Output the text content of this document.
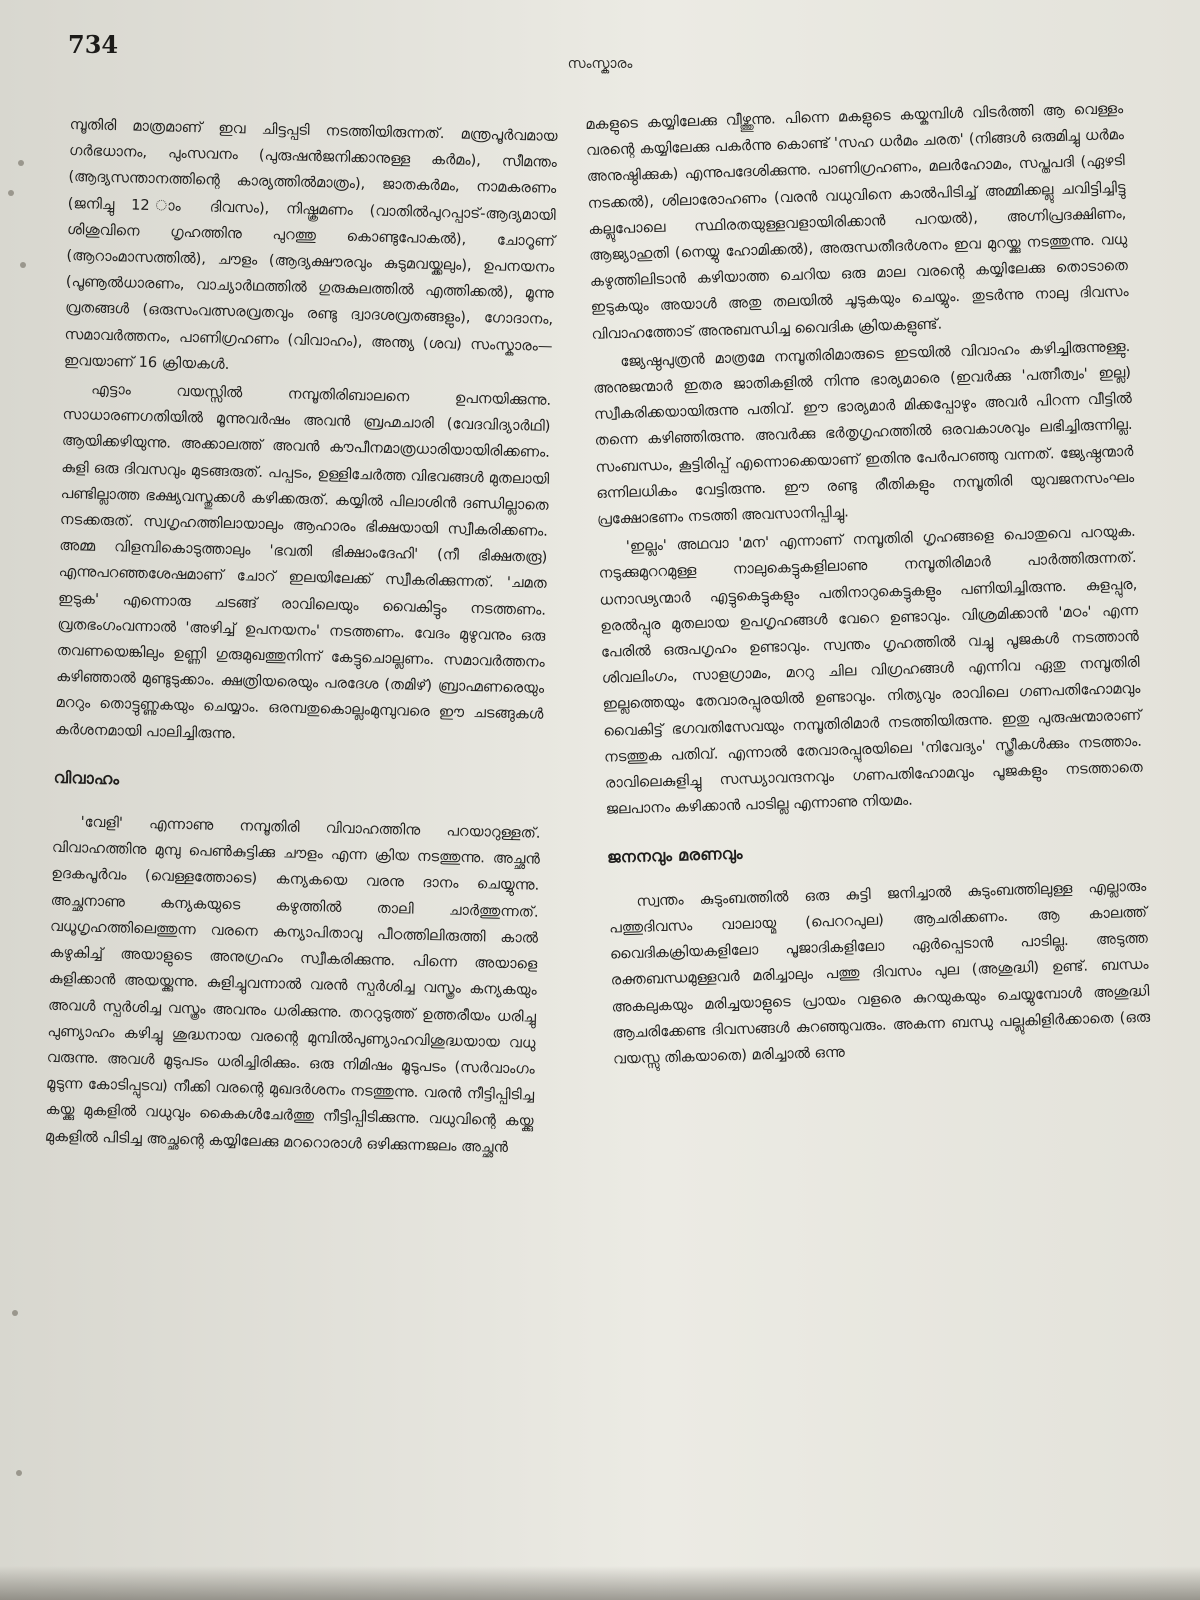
734
സംസ്കാരം

മ്പൂതിരി മാത്രമാണ് ഇവ ചിട്ടപ്പടി നടത്തിയിരുന്നത്. മന്ത്രപൂർവമായ ഗർഭധാനം, പുംസവനം (പുരുഷൻജനിക്കാനുള്ള കർമം), സീമന്തം (ആദ്യസന്താനത്തിന്റെ കാര്യത്തിൽമാത്രം), ജാതകർമം, നാമകരണം (ജനിച്ചു 12 ാം ദിവസം), നിഷ്ക്രമണം (വാതിൽപുറപ്പാട്-ആദ്യമായി ശിശുവിനെ ഗൃഹത്തിനു പുറത്തു കൊണ്ടുപോകൽ), ചോറൂണ് (ആറാംമാസത്തിൽ), ചൗളം (ആദ്യക്ഷൗരവും കുടുമവയ്ക്കലും), ഉപനയനം (പൂണൂൽധാരണം, വാച്യാർഥത്തിൽ ഗുരുകുലത്തിൽ എത്തിക്കൽ), മൂന്നു വ്രതങ്ങൾ (ഒരുസംവത്സരവ്രതവും രണ്ടു ദ്വാദശവ്രതങ്ങളും), ഗോദാനം, സമാവർത്തനം, പാണിഗ്രഹണം (വിവാഹം), അന്ത്യ (ശവ) സംസ്കാരം—ഇവയാണ് 16 ക്രിയകൾ.

എട്ടാം വയസ്സിൽ നമ്പൂതിരിബാലനെ ഉപനയിക്കുന്നു. സാധാരണഗതിയിൽ മൂന്നുവർഷം അവൻ ബ്രഹ്മചാരി (വേദവിദ്യാർഥി) ആയിക്കഴിയുന്നു. അക്കാലത്ത് അവൻ കൗപീനമാത്രധാരിയായിരിക്കണം. കുളി ഒരു ദിവസവും മുടങ്ങരുത്. പപ്പടം, ഉള്ളിചേർത്ത വിഭവങ്ങൾ മുതലായി പണ്ടില്ലാത്ത ഭക്ഷ്യവസ്തുക്കൾ കഴിക്കരുത്. കയ്യിൽ പിലാശിൻ ദണ്ഡില്ലാതെ നടക്കരുത്. സ്വഗൃഹത്തിലായാലും ആഹാരം ഭിക്ഷയായി സ്വീകരിക്കണം. അമ്മ വിളമ്പികൊടുത്താലും 'ഭവതി ഭിക്ഷാംദേഹി' (നീ ഭിക്ഷതരൂ) എന്നുപറഞ്ഞശേഷമാണ് ചോറ് ഇലയിലേക്ക് സ്വീകരിക്കുന്നത്. 'ചമത ഇടുക' എന്നൊരു ചടങ്ങ് രാവിലെയും വൈകിട്ടും നടത്തണം. വ്രതഭംഗംവന്നാൽ 'അഴിച്ച് ഉപനയനം' നടത്തണം. വേദം മുഴുവനും ഒരു തവണയെങ്കിലും ഉണ്ണി ഗുരുമുഖത്തുനിന്ന് കേട്ടുചൊല്ലണം. സമാവർത്തനം കഴിഞ്ഞാൽ മുണ്ടുടുക്കാം. ക്ഷത്രിയരെയും പരദേശ (തമിഴ്) ബ്രാഹ്മണരെയും മററും തൊട്ടുണ്ണുകയും ചെയ്യാം. ഒരമ്പതുകൊല്ലംമുമ്പുവരെ ഈ ചടങ്ങുകൾ കർശനമായി പാലിച്ചിരുന്നു.

വിവാഹം

'വേളി' എന്നാണു നമ്പൂതിരി വിവാഹത്തിനു പറയാറുള്ളത്. വിവാഹത്തിനു മുമ്പു പെൺകുട്ടിക്കു ചൗളം എന്ന ക്രിയ നടത്തുന്നു. അച്ഛൻ ഉദകപൂർവം (വെള്ളത്തോടെ) കന്യകയെ വരനു ദാനം ചെയ്യുന്നു. അച്ഛനാണു കന്യകയുടെ കഴുത്തിൽ താലി ചാർത്തുന്നത്. വധൂഗൃഹത്തിലെത്തുന്ന വരനെ കന്യാപിതാവു പീഠത്തിലിരുത്തി കാൽ കഴുകിച്ച് അയാളുടെ അനുഗ്രഹം സ്വീകരിക്കുന്നു. പിന്നെ അയാളെ കുളിക്കാൻ അയയ്ക്കുന്നു. കുളിച്ചുവന്നാൽ വരൻ സ്പർശിച്ച വസ്ത്രം കന്യകയും അവൾ സ്പർശിച്ച വസ്ത്രം അവനും ധരിക്കുന്നു. തററുടുത്ത് ഉത്തരീയം ധരിച്ചു പുണ്യാഹം കഴിച്ചു ശുദ്ധനായ വരന്റെ മുമ്പിൽപുണ്യാഹവിശുദ്ധയായ വധു വരുന്നു. അവൾ മൂടുപടം ധരിച്ചിരിക്കും. ഒരു നിമിഷം മൂടുപടം (സർവാംഗം മൂടുന്ന കോടിപ്പുടവ) നീക്കി വരന്റെ മുഖദർശനം നടത്തുന്നു. വരൻ നീട്ടിപ്പിടിച്ച കയ്ക്കു മുകളിൽ വധുവും കൈകൾചേർത്തു നീട്ടിപ്പിടിക്കുന്നു. വധുവിന്റെ കയ്ക്കു മുകളിൽ പിടിച്ച അച്ഛന്റെ കയ്യിലേക്കു മററൊരാൾ ഒഴിക്കുന്നജലം അച്ഛൻ

മകളുടെ കയ്യിലേക്കു വീഴ്ത്തുന്നു. പിന്നെ മകളുടെ കയ്കുമ്പിൾ വിടർത്തി ആ വെള്ളം വരന്റെ കയ്യിലേക്കു പകർന്നു കൊണ്ട് 'സഹ ധർമം ചരത' (നിങ്ങൾ ഒരുമിച്ചു ധർമം അനുഷ്ഠിക്കുക) എന്നുപദേശിക്കുന്നു. പാണിഗ്രഹണം, മലർഹോമം, സപ്തപദി (ഏഴടി നടക്കൽ), ശിലാരോഹണം (വരൻ വധുവിനെ കാൽപിടിച്ച് അമ്മിക്കല്ലു ചവിട്ടിച്ചിട്ടു കല്ലുപോലെ സ്ഥിരതയുള്ളവളായിരിക്കാൻ പറയൽ), അഗ്നിപ്രദക്ഷിണം, ആജ്യാഹുതി (നെയ്യു ഹോമിക്കൽ), അരുന്ധതീദർശനം ഇവ മുറയ്ക്കു നടത്തുന്നു. വധു കഴുത്തിലിടാൻ കഴിയാത്ത ചെറിയ ഒരു മാല വരന്റെ കയ്യിലേക്കു തൊടാതെ ഇടുകയും അയാൾ അതു തലയിൽ ചൂടുകയും ചെയ്യും. തുടർന്നു നാലു ദിവസം വിവാഹത്തോട് അനുബന്ധിച്ച വൈദിക ക്രിയകളുണ്ട്.

ജ്യേഷ്ഠപുത്രൻ മാത്രമേ നമ്പൂതിരിമാരുടെ ഇടയിൽ വിവാഹം കഴിച്ചിരുന്നുള്ളു. അനുജന്മാർ ഇതര ജാതികളിൽ നിന്നു ഭാര്യമാരെ (ഇവർക്കു 'പത്നീത്വം' ഇല്ല) സ്വീകരിക്കയായിരുന്നു പതിവ്. ഈ ഭാര്യമാർ മിക്കപ്പോഴും അവർ പിറന്ന വീട്ടിൽ തന്നെ കഴിഞ്ഞിരുന്നു. അവർക്കു ഭർതൃഗൃഹത്തിൽ ഒരവകാശവും ലഭിച്ചിരുന്നില്ല. സംബന്ധം, കൂട്ടിരിപ്പ് എന്നൊക്കെയാണ് ഇതിനു പേർപറഞ്ഞു വന്നത്. ജ്യേഷ്ഠന്മാർ ഒന്നിലധികം വേട്ടിരുന്നു. ഈ രണ്ടു രീതികളും നമ്പൂതിരി യുവജനസംഘം പ്രക്ഷോഭണം നടത്തി അവസാനിപ്പിച്ചു.

'ഇല്ലം' അഥവാ 'മന' എന്നാണ് നമ്പൂതിരി ഗൃഹങ്ങളെ പൊതുവെ പറയുക. നടുക്കുമുററമുള്ള നാലുകെട്ടുകളിലാണു നമ്പൂതിരിമാർ പാർത്തിരുന്നത്. ധനാഢ്യന്മാർ എട്ടുകെട്ടുകളും പതിനാറുകെട്ടുകളും പണിയിച്ചിരുന്നു. കുളപ്പുര, ഉരൽപ്പുര മുതലായ ഉപഗൃഹങ്ങൾ വേറെ ഉണ്ടാവും. വിശ്രമിക്കാൻ 'മഠം' എന്ന പേരിൽ ഒരുപഗൃഹം ഉണ്ടാവും. സ്വന്തം ഗൃഹത്തിൽ വച്ചു പൂജകൾ നടത്താൻ ശിവലിംഗം, സാളഗ്രാമം, മററു ചില വിഗ്രഹങ്ങൾ എന്നിവ ഏതു നമ്പൂതിരി ഇല്ലത്തെയും തേവാരപ്പുരയിൽ ഉണ്ടാവും. നിത്യവും രാവിലെ ഗണപതിഹോമവും വൈകിട്ട് ഭഗവതിസേവയും നമ്പൂതിരിമാർ നടത്തിയിരുന്നു. ഇതു പുരുഷന്മാരാണ് നടത്തുക പതിവ്. എന്നാൽ തേവാരപ്പുരയിലെ 'നിവേദ്യം' സ്ത്രീകൾക്കും നടത്താം. രാവിലെകുളിച്ചു സന്ധ്യാവന്ദനവും ഗണപതിഹോമവും പൂജകളും നടത്താതെ ജലപാനം കഴിക്കാൻ പാടില്ല എന്നാണു നിയമം.

ജനനവും മരണവും

സ്വന്തം കുടുംബത്തിൽ ഒരു കുട്ടി ജനിച്ചാൽ കുടുംബത്തിലുള്ള എല്ലാരും പത്തുദിവസം വാലായ്മ (പെററപുല) ആചരിക്കണം. ആ കാലത്ത് വൈദികക്രിയകളിലോ പൂജാദികളിലോ ഏർപ്പെടാൻ പാടില്ല. അടുത്ത രക്തബന്ധമുള്ളവർ മരിച്ചാലും പത്തു ദിവസം പുല (അശുദ്ധി) ഉണ്ട്. ബന്ധം അകലുകയും മരിച്ചയാളുടെ പ്രായം വളരെ കുറയുകയും ചെയ്യുമ്പോൾ അശുദ്ധി ആചരിക്കേണ്ട ദിവസങ്ങൾ കുറഞ്ഞുവരും. അകന്ന ബന്ധു പല്ലുകിളിർക്കാതെ (ഒരു വയസ്സു തികയാതെ) മരിച്ചാൽ ഒന്നു
